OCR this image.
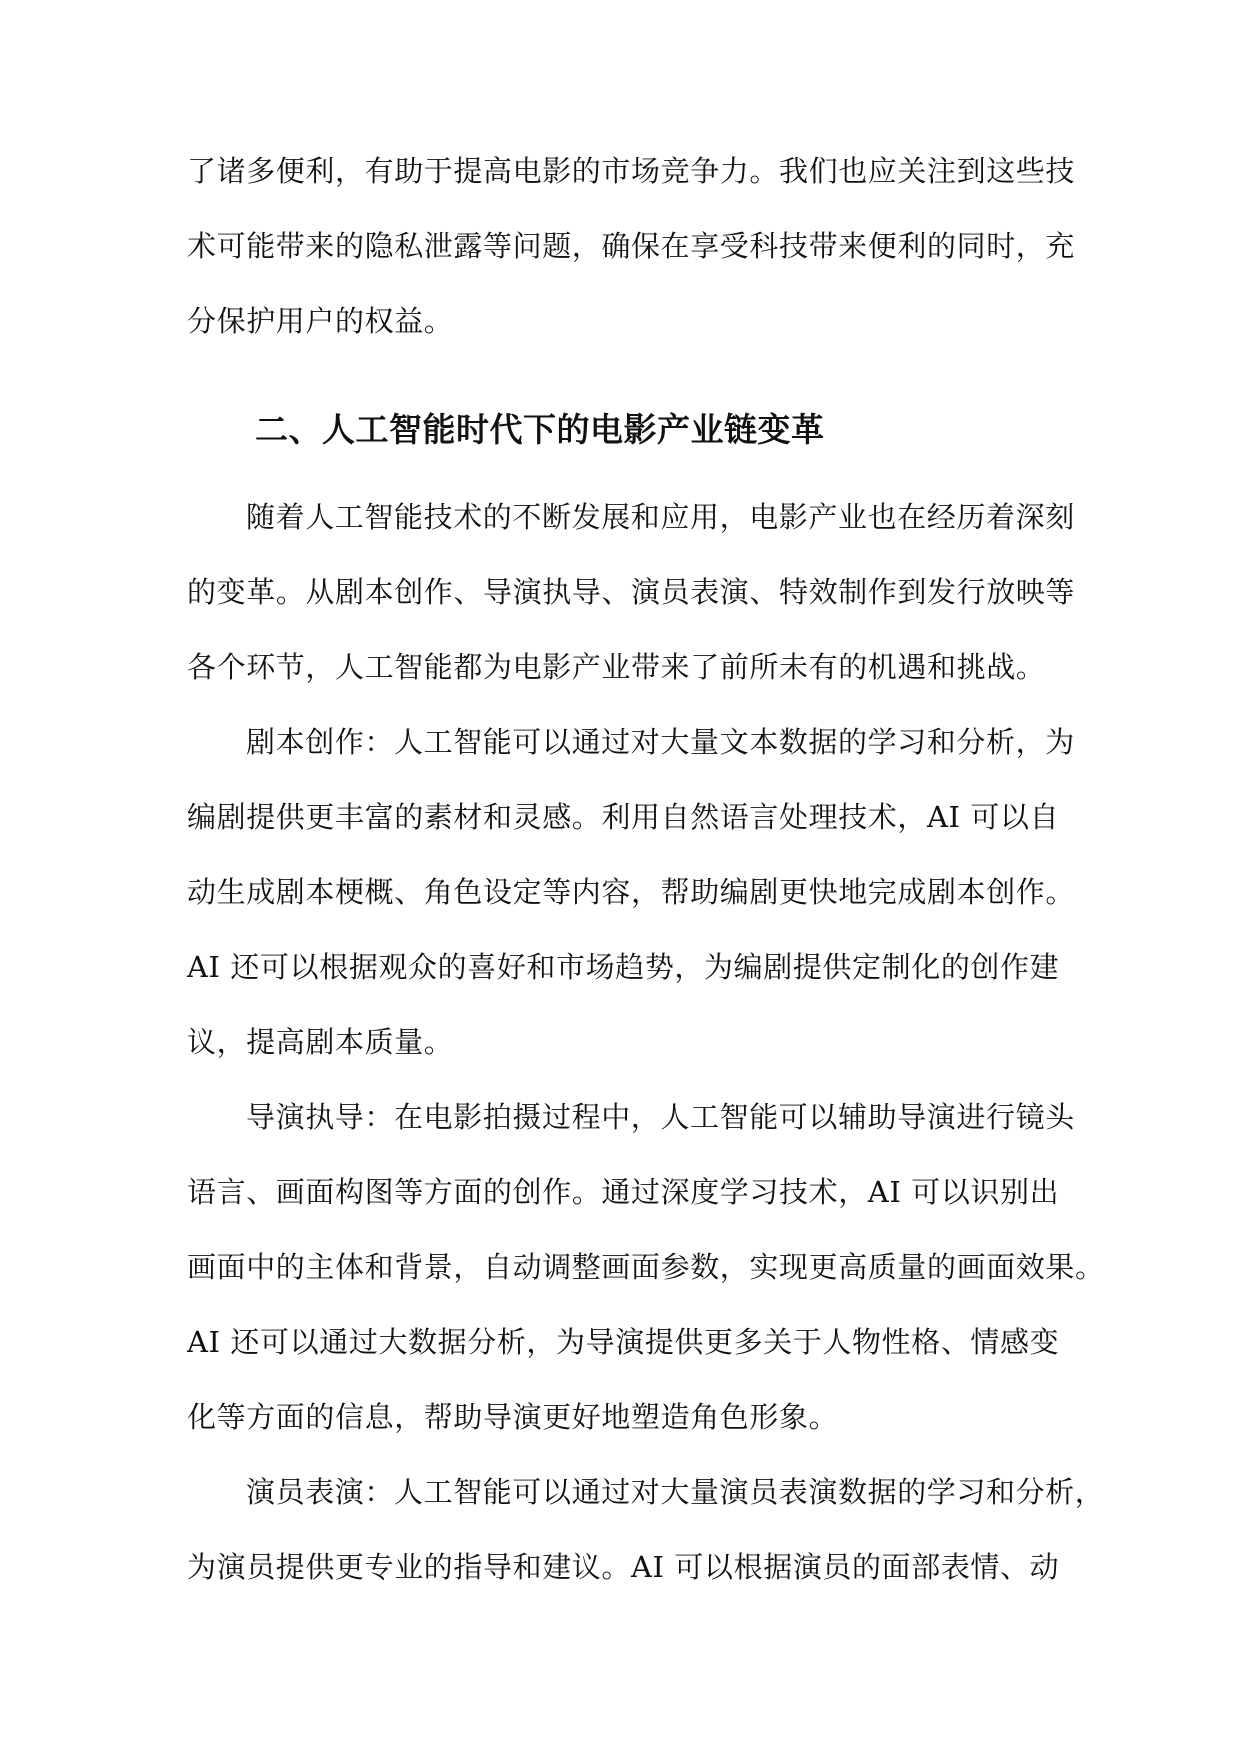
了诸多便利，有助于提高电影的市场竞争力。我们也应关注到这些技
术可能带来的隐私泄露等问题，确保在享受科技带来便利的同时，充
分保护用户的权益。
二、人工智能时代下的电影产业链变革
随着人工智能技术的不断发展和应用，电影产业也在经历着深刻
的变革。从剧本创作、导演执导、演员表演、特效制作到发行放映等
各个环节，人工智能都为电影产业带来了前所未有的机遇和挑战。
剧本创作：人工智能可以通过对大量文本数据的学习和分析，为
编剧提供更丰富的素材和灵感。利用自然语言处理技术，AI 可以自
动生成剧本梗概、角色设定等内容，帮助编剧更快地完成剧本创作。
AI 还可以根据观众的喜好和市场趋势，为编剧提供定制化的创作建
议，提高剧本质量。
导演执导：在电影拍摄过程中，人工智能可以辅助导演进行镜头
语言、画面构图等方面的创作。通过深度学习技术，AI 可以识别出
画面中的主体和背景，自动调整画面参数，实现更高质量的画面效果。
AI 还可以通过大数据分析，为导演提供更多关于人物性格、情感变
化等方面的信息，帮助导演更好地塑造角色形象。
演员表演：人工智能可以通过对大量演员表演数据的学习和分析，
为演员提供更专业的指导和建议。AI 可以根据演员的面部表情、动
